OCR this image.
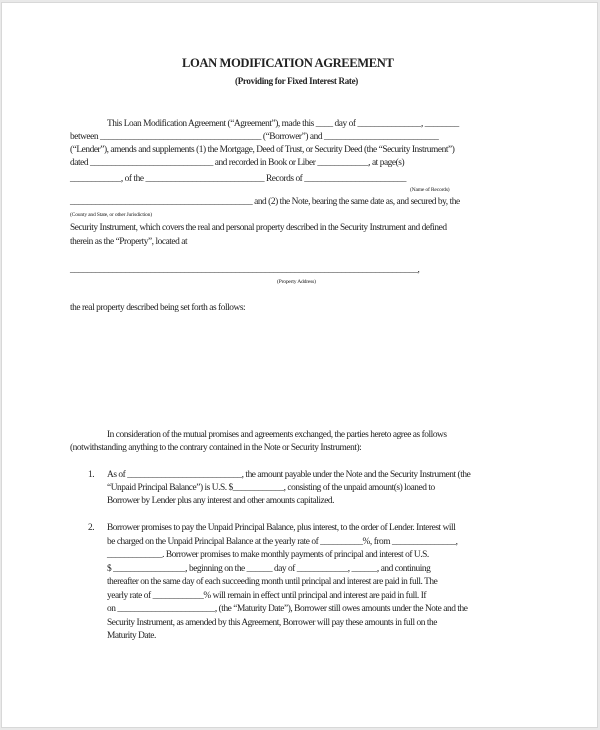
LOAN MODIFICATION AGREEMENT
(Providing for Fixed Interest Rate)
This Loan Modification Agreement (“Agreement”), made this ____ day of _______________, ________
between ______________________________________ (“Borrower”) and ___________________________
(“Lender”), amends and supplements (1) the Mortgage, Deed of Trust, or Security Deed (the “Security Instrument”)
dated _____________________________ and recorded in Book or Liber ____________, at page(s)
____________, of the ____________________________ Records of ________________________
(Name of Records)
___________________________________________ and (2) the Note, bearing the same date as, and secured by, the
(County and State, or other Jurisdiction)
Security Instrument, which covers the real and personal property described in the Security Instrument and defined
therein as the “Property”, located at
__________________________________________________________________________________,
(Property Address)
the real property described being set forth as follows:
In consideration of the mutual promises and agreements exchanged, the parties hereto agree as follows
(notwithstanding anything to the contrary contained in the Note or Security Instrument):
1. As of ___________________________, the amount payable under the Note and the Security Instrument (the
“Unpaid Principal Balance”) is U.S. $____________, consisting of the unpaid amount(s) loaned to
Borrower by Lender plus any interest and other amounts capitalized.
2. Borrower promises to pay the Unpaid Principal Balance, plus interest, to the order of Lender. Interest will
be charged on the Unpaid Principal Balance at the yearly rate of __________%, from _______________,
_____________. Borrower promises to make monthly payments of principal and interest of U.S.
$ _________________, beginning on the ______ day of ____________, ______, and continuing
thereafter on the same day of each succeeding month until principal and interest are paid in full. The
yearly rate of ____________% will remain in effect until principal and interest are paid in full. If
on _______________________, (the “Maturity Date”), Borrower still owes amounts under the Note and the
Security Instrument, as amended by this Agreement, Borrower will pay these amounts in full on the
Maturity Date.
